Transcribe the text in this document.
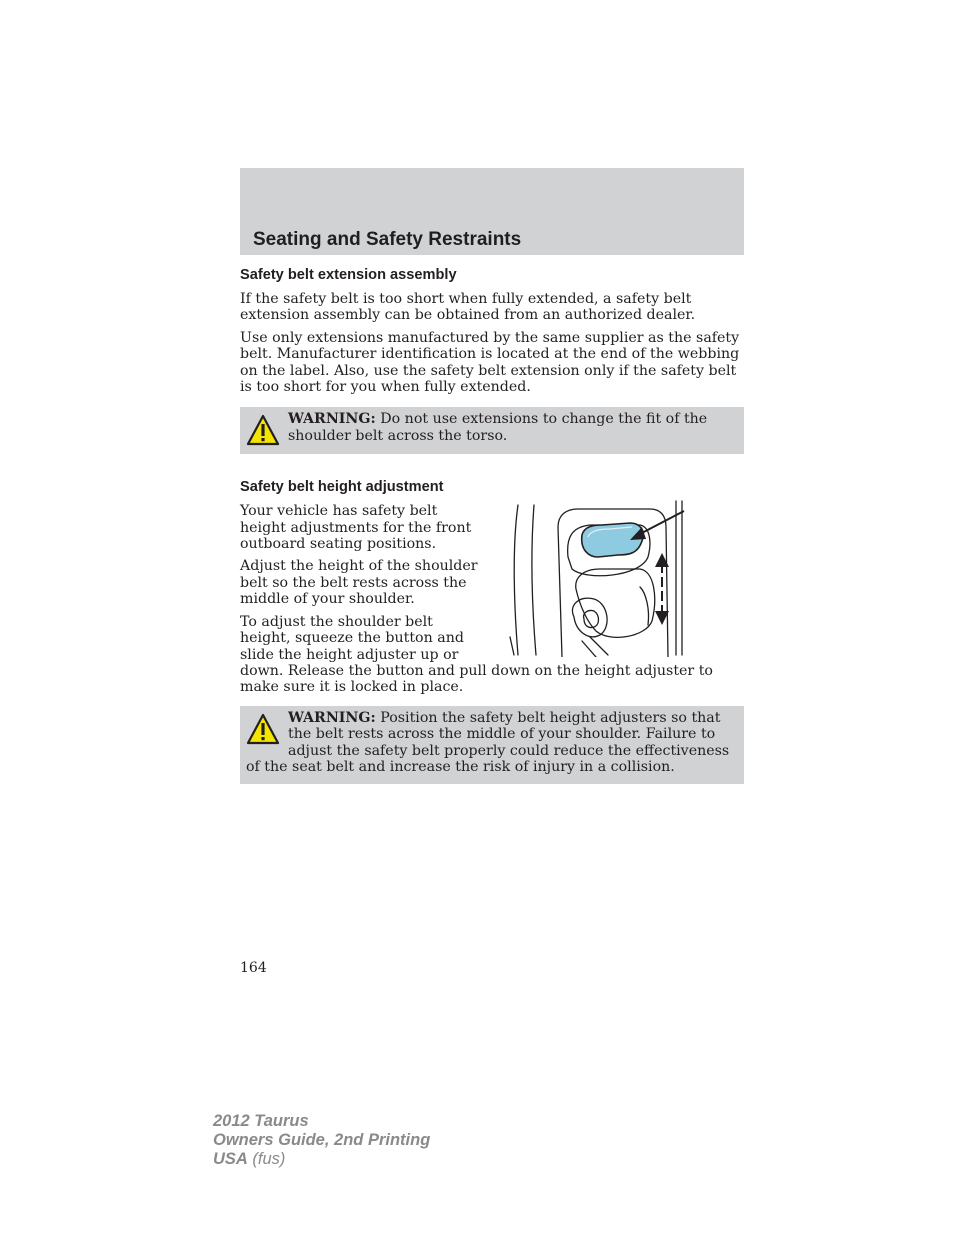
Seating and Safety Restraints
Safety belt extension assembly

If the safety belt is too short when fully extended, a safety belt extension assembly can be obtained from an authorized dealer.

Use only extensions manufactured by the same supplier as the safety belt. Manufacturer identification is located at the end of the webbing on the label. Also, use the safety belt extension only if the safety belt is too short for you when fully extended.

WARNING: Do not use extensions to change the fit of the shoulder belt across the torso.

Safety belt height adjustment

Your vehicle has safety belt height adjustments for the front outboard seating positions.

Adjust the height of the shoulder belt so the belt rests across the middle of your shoulder.

To adjust the shoulder belt height, squeeze the button and slide the height adjuster up or down. Release the button and pull down on the height adjuster to make sure it is locked in place.

WARNING: Position the safety belt height adjusters so that the belt rests across the middle of your shoulder. Failure to adjust the safety belt properly could reduce the effectiveness of the seat belt and increase the risk of injury in a collision.

164
2012 Taurus
Owners Guide, 2nd Printing
USA (fus)
